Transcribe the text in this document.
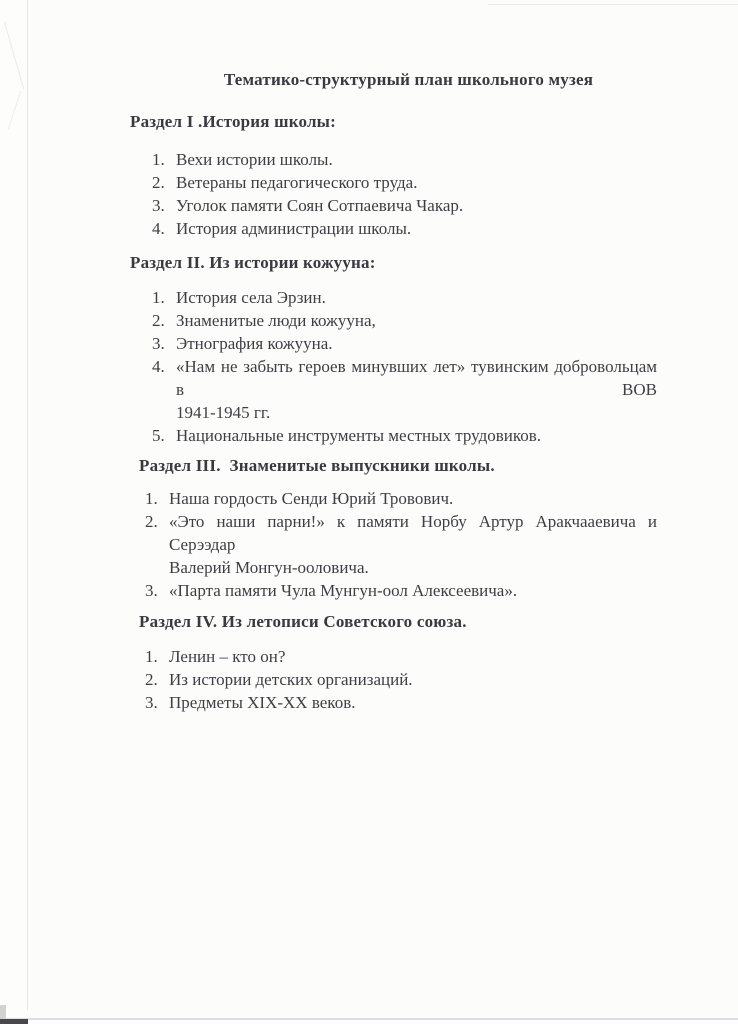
Тематико-структурный план школьного музея
Раздел I .История школы:
1. Вехи истории школы.
2. Ветераны педагогического труда.
3. Уголок памяти Соян Сотпаевича Чакар.
4. История администрации школы.
Раздел II. Из истории кожууна:
1. История села Эрзин.
2. Знаменитые люди кожууна,
3. Этнография кожууна.
4. «Нам не забыть героев минувших лет» тувинским добровольцам в ВОВ
1941-1945 гг.
5. Национальные инструменты местных трудовиков.
Раздел III.  Знаменитые выпускники школы.
1. Наша гордость Сенди Юрий Тровович.
2. «Это наши парни!» к памяти Норбу Артур Аракчааевича и Серээдар
Валерий Монгун-ооловича.
3. «Парта памяти Чула Мунгун-оол Алексеевича».
Раздел IV. Из летописи Советского союза.
1. Ленин – кто он?
2. Из истории детских организаций.
3. Предметы XIX-XX веков.
